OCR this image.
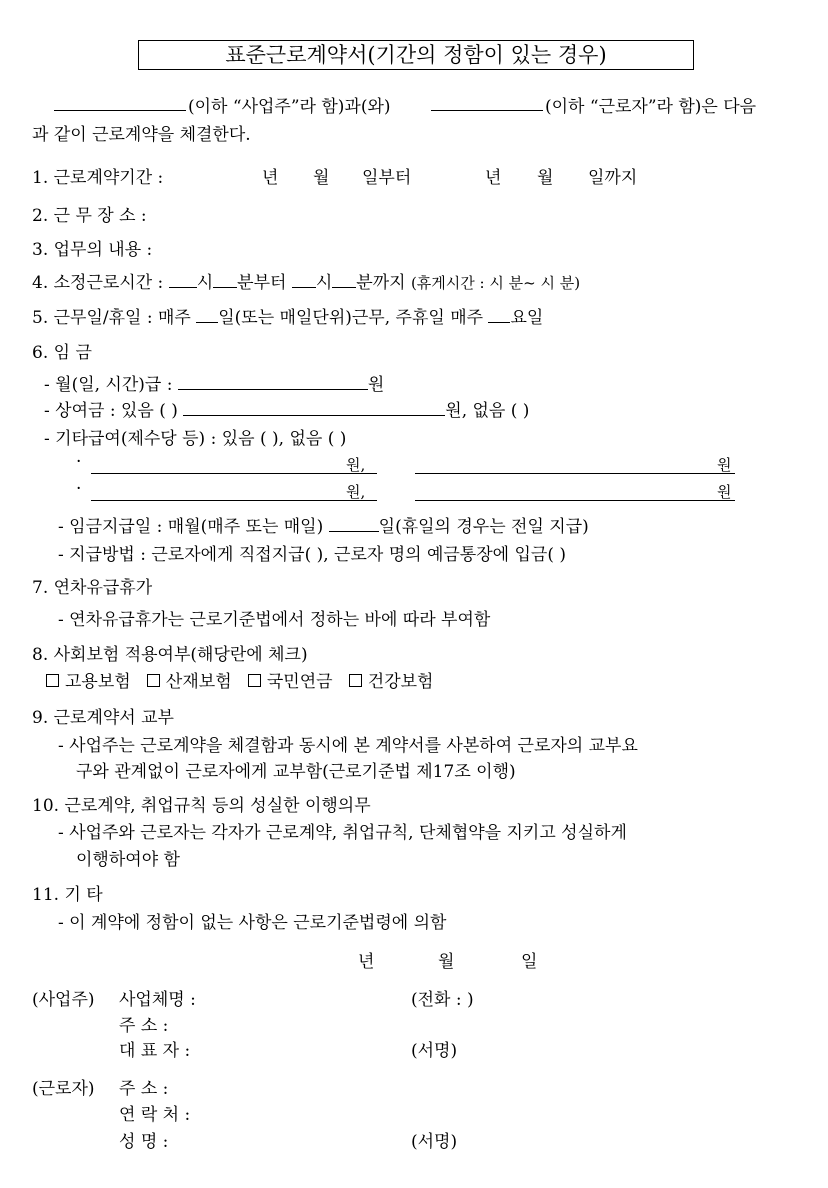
표준근로계약서(기간의 정함이 있는 경우)
(이하 “사업주”라 함)과(와)	(이하 “근로자”라 함)은 다음
과 같이 근로계약을 체결한다.
1. 근로계약기간 :	년 월 일부터	년 월 일까지
2. 근 무 장 소 :
3. 업무의 내용 :
4. 소정근로시간 : 시 분부터 시 분까지 (휴게시간 : 시 분~ 시 분)
5. 근무일/휴일 : 매주 일(또는 매일단위)근무, 주휴일 매주 요일
6. 임 금
- 월(일, 시간)급 :	원
- 상여금 : 있음 ( )	원, 없음 ( )
- 기타급여(제수당 등) : 있음 ( ), 없음 ( )
·	원,	원
·	원,	원
- 임금지급일 : 매월(매주 또는 매일)	일(휴일의 경우는 전일 지급)
- 지급방법 : 근로자에게 직접지급( ), 근로자 명의 예금통장에 입금( )
7. 연차유급휴가
- 연차유급휴가는 근로기준법에서 정하는 바에 따라 부여함
8. 사회보험 적용여부(해당란에 체크)
고용보험 산재보험 국민연금 건강보험
9. 근로계약서 교부
- 사업주는 근로계약을 체결함과 동시에 본 계약서를 사본하여 근로자의 교부요
구와 관계없이 근로자에게 교부함(근로기준법 제17조 이행)
10. 근로계약, 취업규칙 등의 성실한 이행의무
- 사업주와 근로자는 각자가 근로계약, 취업규칙, 단체협약을 지키고 성실하게
이행하여야 함
11. 기 타
- 이 계약에 정함이 없는 사항은 근로기준법령에 의함
년	월	일
(사업주) 사업체명 :	(전화 : )
주 소 :
대 표 자 :	(서명)
(근로자) 주 소 :
연 락 처 :
성 명 :	(서명)
